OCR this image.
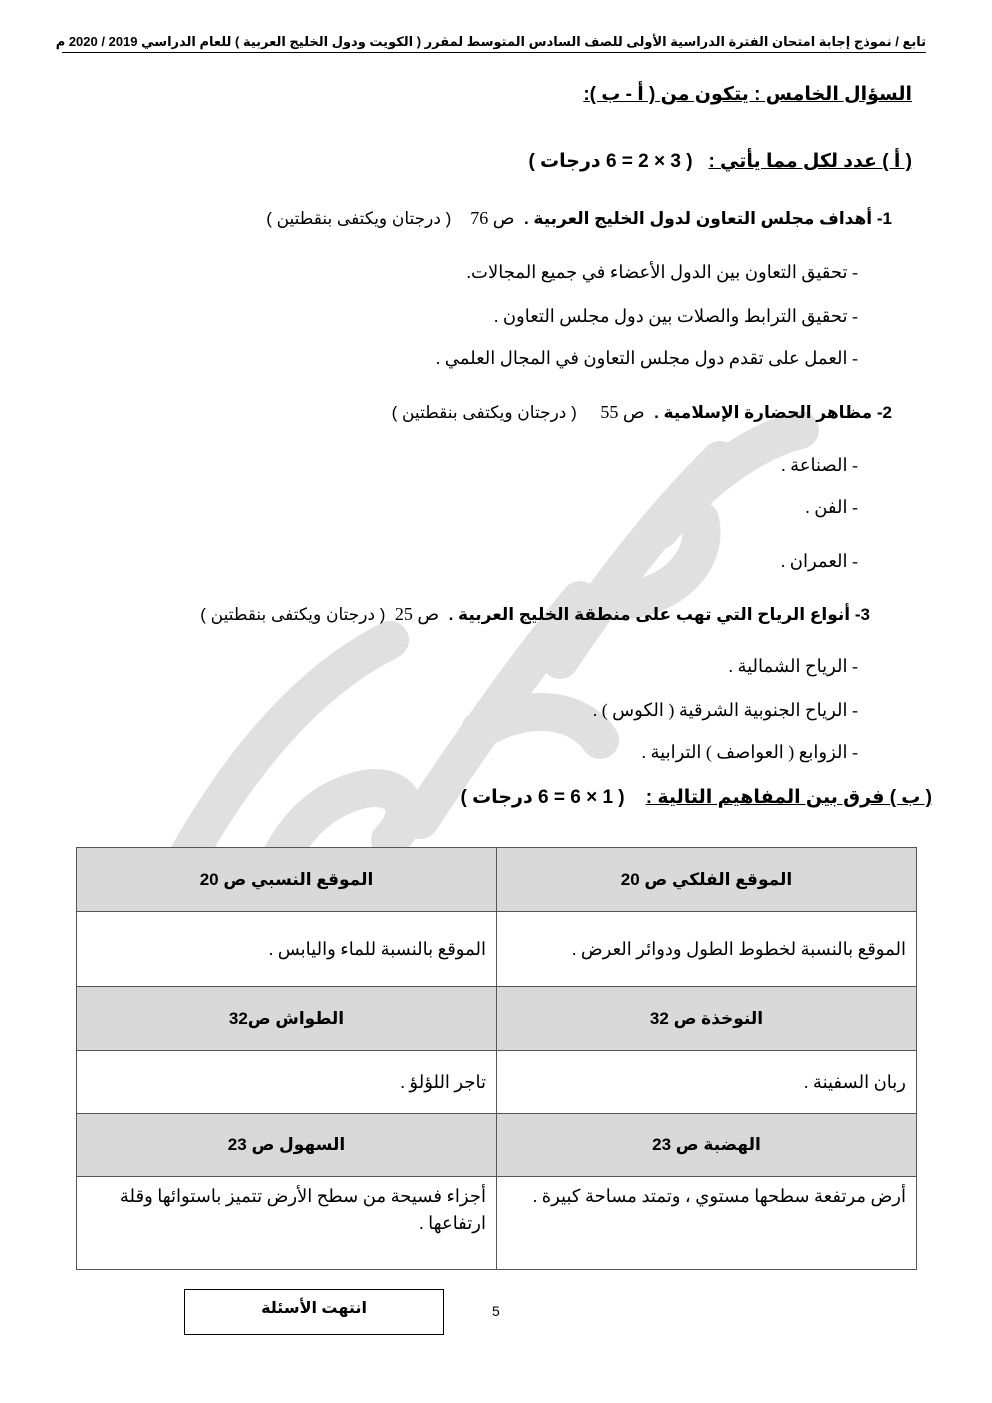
تابع / نموذج إجابة امتحان الفترة الدراسية الأولى للصف السادس المتوسط لمقرر ( الكويت ودول الخليج العربية ) للعام الدراسي 2019 / 2020 م
السؤال الخامس : يتكون من ( أ - ب ):
( أ ) عدد لكل مما يأتي :   ( 3 × 2 = 6 درجات )
1- أهداف مجلس التعاون لدول الخليج العربية .  ص 76    ( درجتان ويكتفى بنقطتين )
- تحقيق التعاون بين الدول الأعضاء في جميع المجالات.
- تحقيق الترابط والصلات بين دول مجلس التعاون .
- العمل على تقدم دول مجلس التعاون في المجال العلمي .
2- مظاهر الحضارة الإسلامية .  ص 55     ( درجتان ويكتفى بنقطتين )
- الصناعة .
- الفن .
- العمران .
3- أنواع الرياح التي تهب على منطقة الخليج العربية .  ص 25  ( درجتان ويكتفى بنقطتين )
- الرياح الشمالية .
- الرياح الجنوبية الشرقية ( الكوس ) .
- الزوابع ( العواصف ) الترابية .
( ب ) فرق بين المفاهيم التالية :    ( 1 × 6 = 6 درجات )
الموقع الفلكي ص 20	الموقع النسبي ص 20
الموقع بالنسبة لخطوط الطول ودوائر العرض .	الموقع بالنسبة للماء واليابس .
النوخذة ص 32	الطواش ص32
ربان السفينة .	تاجر اللؤلؤ .
الهضبة ص 23	السهول ص 23
أرض مرتفعة سطحها مستوي ، وتمتد مساحة كبيرة .	أجزاء فسيحة من سطح الأرض تتميز باستوائها وقلة ارتفاعها .
انتهت الأسئلة	5
